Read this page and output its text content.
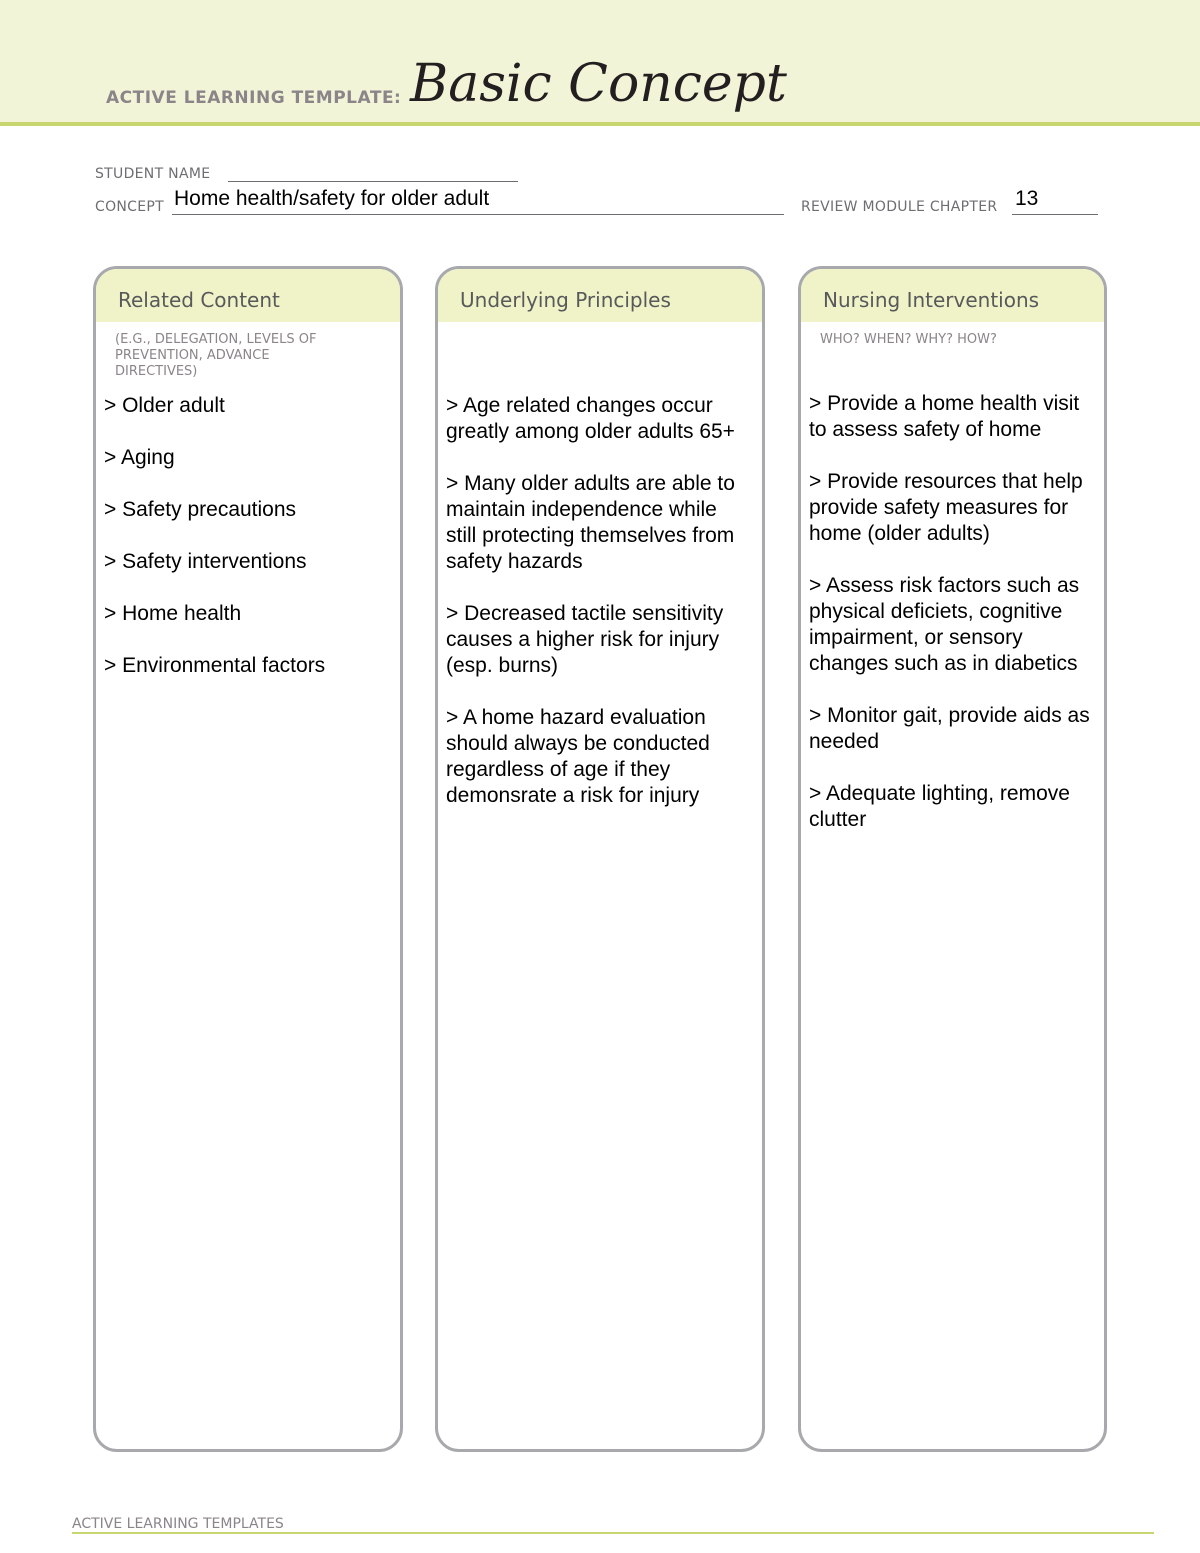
ACTIVE LEARNING TEMPLATE: Basic Concept
STUDENT NAME
CONCEPT Home health/safety for older adult	REVIEW MODULE CHAPTER 13
Related Content
(E.G., DELEGATION, LEVELS OF PREVENTION, ADVANCE DIRECTIVES)
> Older adult
> Aging
> Safety precautions
> Safety interventions
> Home health
> Environmental factors
Underlying Principles
> Age related changes occur greatly among older adults 65+
> Many older adults are able to maintain independence while still protecting themselves from safety hazards
> Decreased tactile sensitivity causes a higher risk for injury (esp. burns)
> A home hazard evaluation should always be conducted regardless of age if they demonsrate a risk for injury
Nursing Interventions
WHO? WHEN? WHY? HOW?
> Provide a home health visit to assess safety of home
> Provide resources that help provide safety measures for home (older adults)
> Assess risk factors such as physical deficiets, cognitive impairment, or sensory changes such as in diabetics
> Monitor gait, provide aids as needed
> Adequate lighting, remove clutter
ACTIVE LEARNING TEMPLATES
